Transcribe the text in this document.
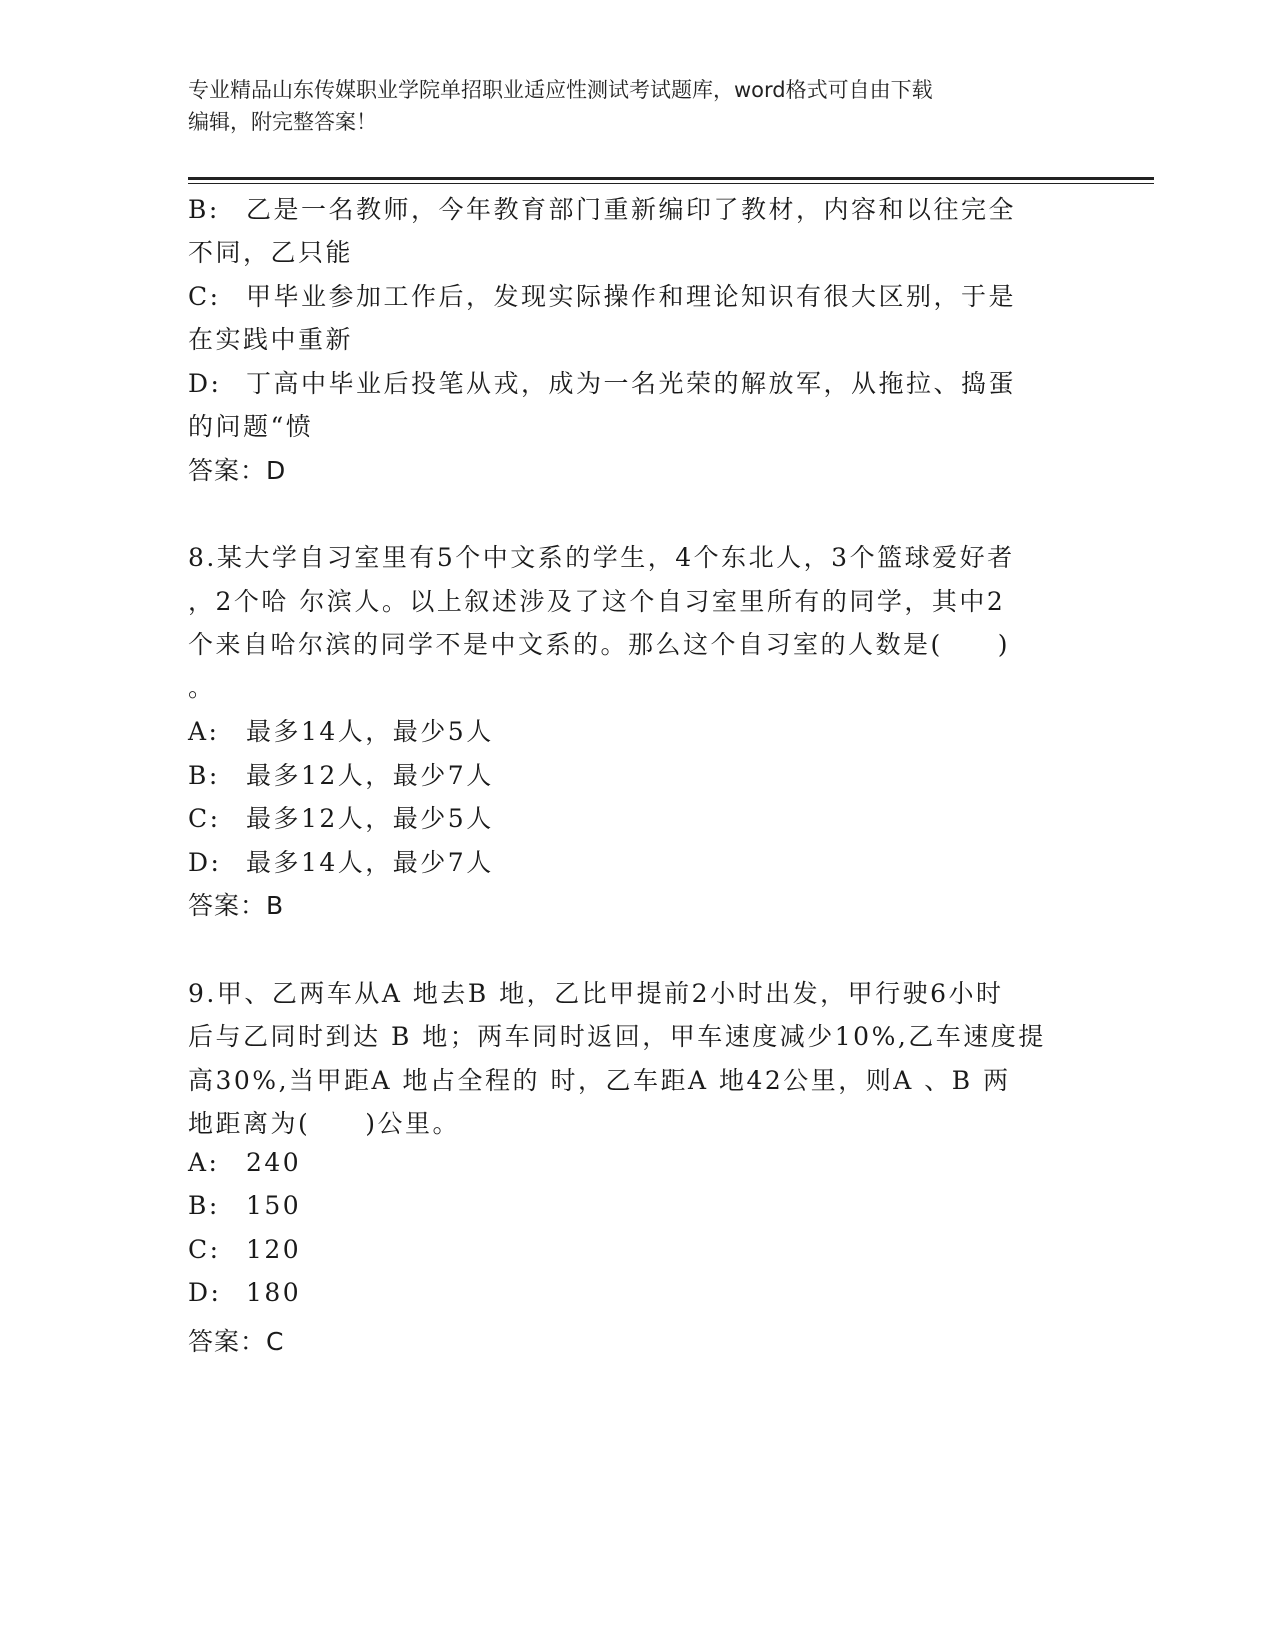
专业精品山东传媒职业学院单招职业适应性测试考试题库，word格式可自由下载
编辑，附完整答案！
B: 乙是一名教师，今年教育部门重新编印了教材，内容和以往完全
不同，乙只能
C: 甲毕业参加工作后，发现实际操作和理论知识有很大区别，于是
在实践中重新
D: 丁高中毕业后投笔从戎，成为一名光荣的解放军，从拖拉、捣蛋
的问题“愤
答案：D
8.某大学自习室里有5个中文系的学生，4个东北人，3个篮球爱好者
，2个哈 尔滨人。以上叙述涉及了这个自习室里所有的同学，其中2
个来自哈尔滨的同学不是中文系的。那么这个自习室的人数是(　　)
。
A: 最多14人，最少5人
B: 最多12人，最少7人
C: 最多12人，最少5人
D: 最多14人，最少7人
答案：B
9.甲、乙两车从A 地去B 地，乙比甲提前2小时出发，甲行驶6小时
后与乙同时到达 B 地；两车同时返回，甲车速度减少10%,乙车速度提
高30%,当甲距A 地占全程的 时，乙车距A 地42公里，则A 、B 两
地距离为(　　)公里。
A: 240
B: 150
C: 120
D: 180
答案：C
